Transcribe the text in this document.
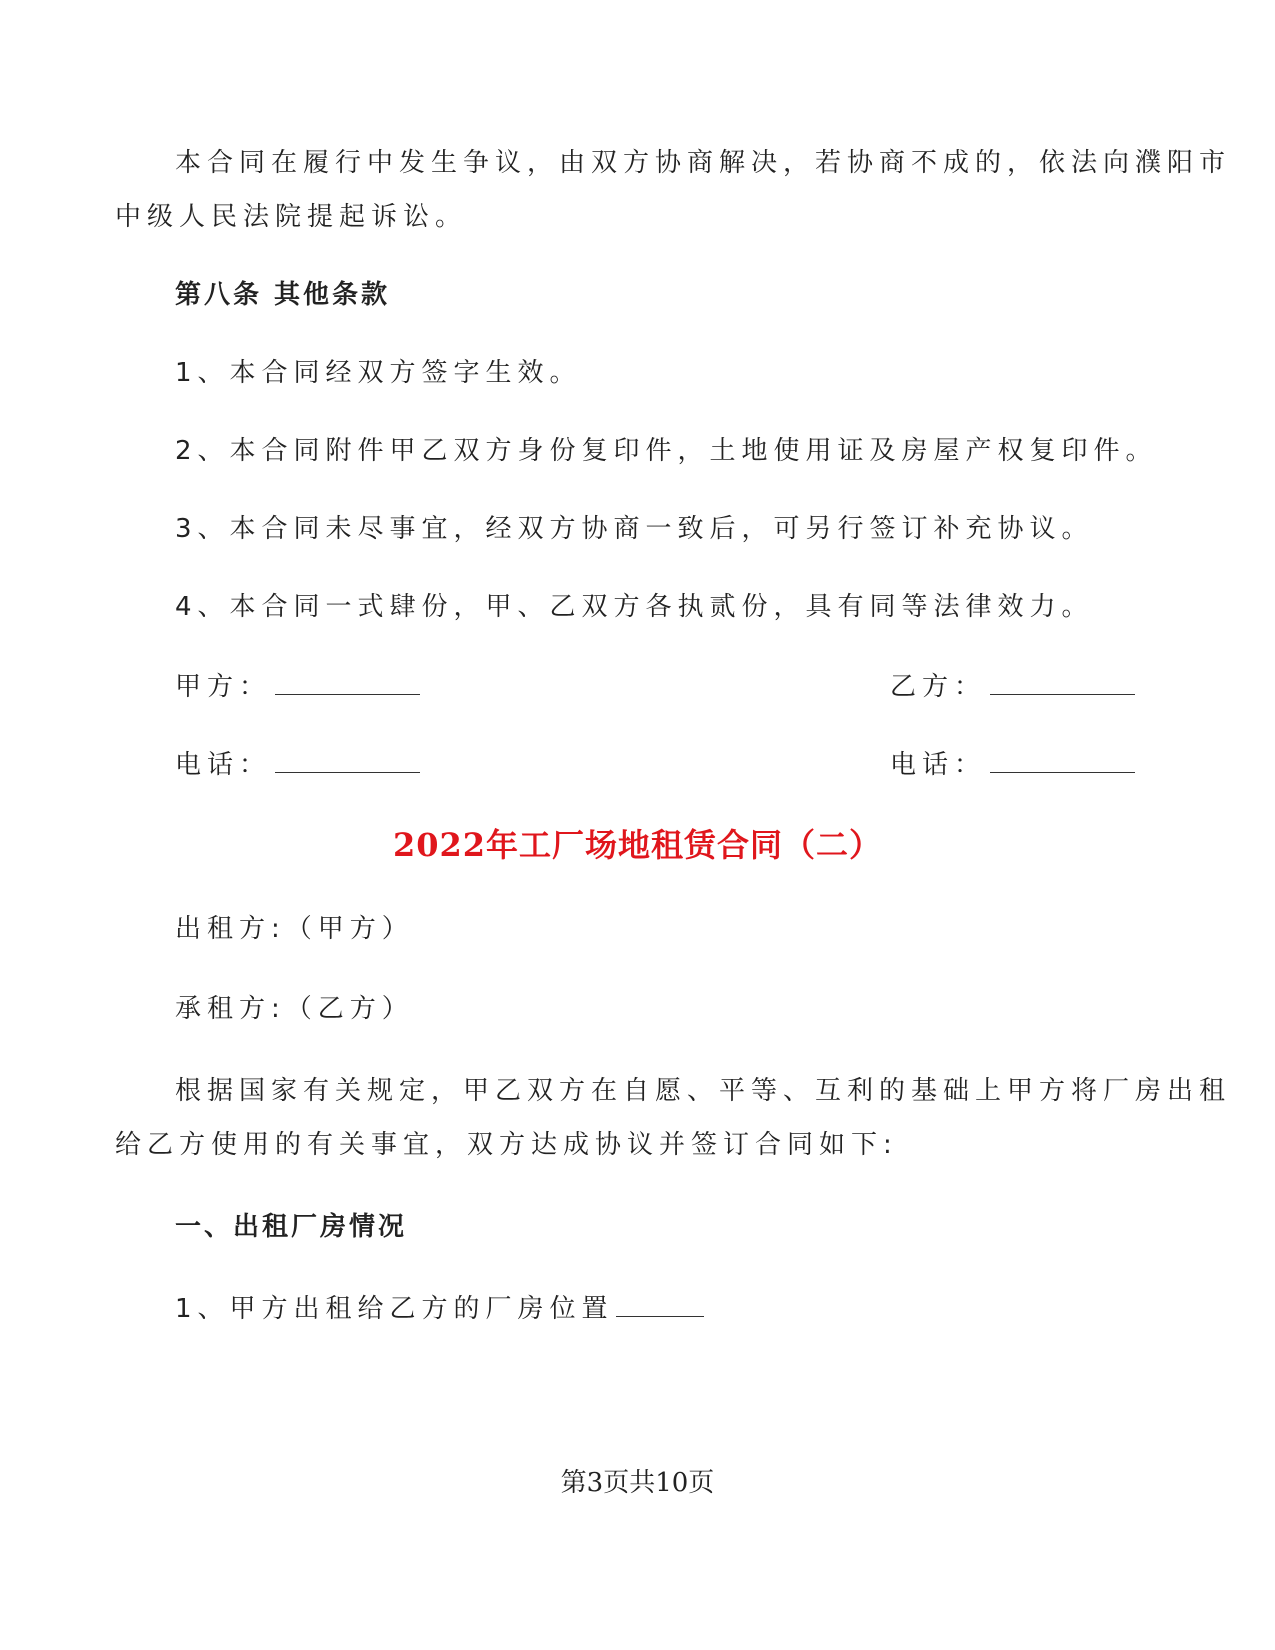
本合同在履行中发生争议，由双方协商解决，若协商不成的，依法向濮阳市
中级人民法院提起诉讼。
第八条 其他条款
1、本合同经双方签字生效。
2、本合同附件甲乙双方身份复印件，土地使用证及房屋产权复印件。
3、本合同未尽事宜，经双方协商一致后，可另行签订补充协议。
4、本合同一式肆份，甲、乙双方各执贰份，具有同等法律效力。
甲方：	乙方：
电话：	电话：
2022年工厂场地租赁合同（二）
出租方:（甲方）
承租方:（乙方）
根据国家有关规定，甲乙双方在自愿、平等、互利的基础上甲方将厂房出租
给乙方使用的有关事宜，双方达成协议并签订合同如下:
一、出租厂房情况
1、甲方出租给乙方的厂房位置
第3页共10页
